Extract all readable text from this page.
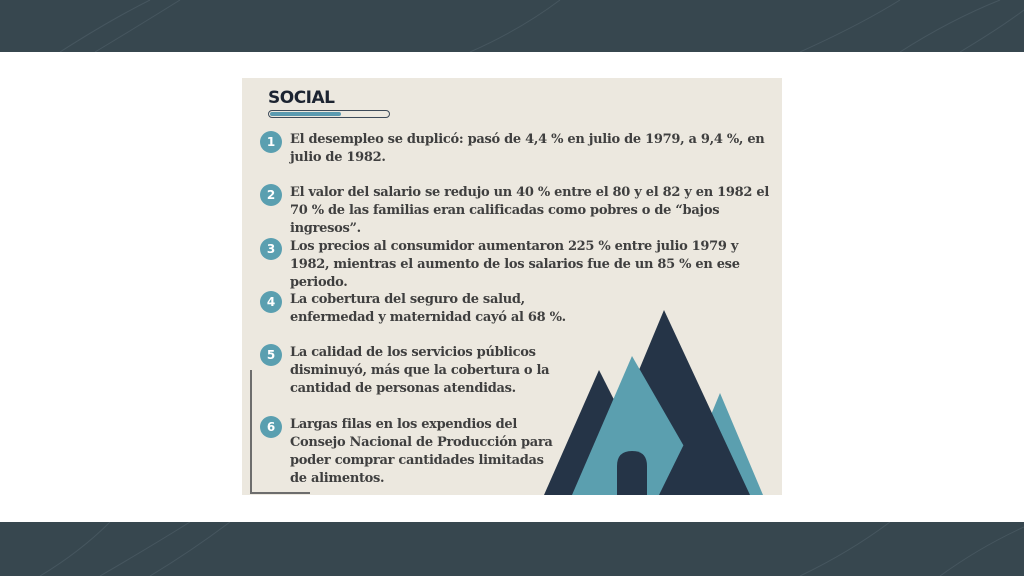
SOCIAL
1	El desempleo se duplicó: pasó de 4,4 % en julio de 1979, a 9,4 %, en julio de 1982.
2	El valor del salario se redujo un 40 % entre el 80 y el 82 y en 1982 el 70 % de las familias eran calificadas como pobres o de “bajos ingresos”.
3	Los precios al consumidor aumentaron 225 % entre julio 1979 y 1982, mientras el aumento de los salarios fue de un 85 % en ese periodo.
4	La cobertura del seguro de salud, enfermedad y maternidad cayó al 68 %.
5	La calidad de los servicios públicos disminuyó, más que la cobertura o la cantidad de personas atendidas.
6	Largas filas en los expendios del Consejo Nacional de Producción para poder comprar cantidades limitadas de alimentos.
